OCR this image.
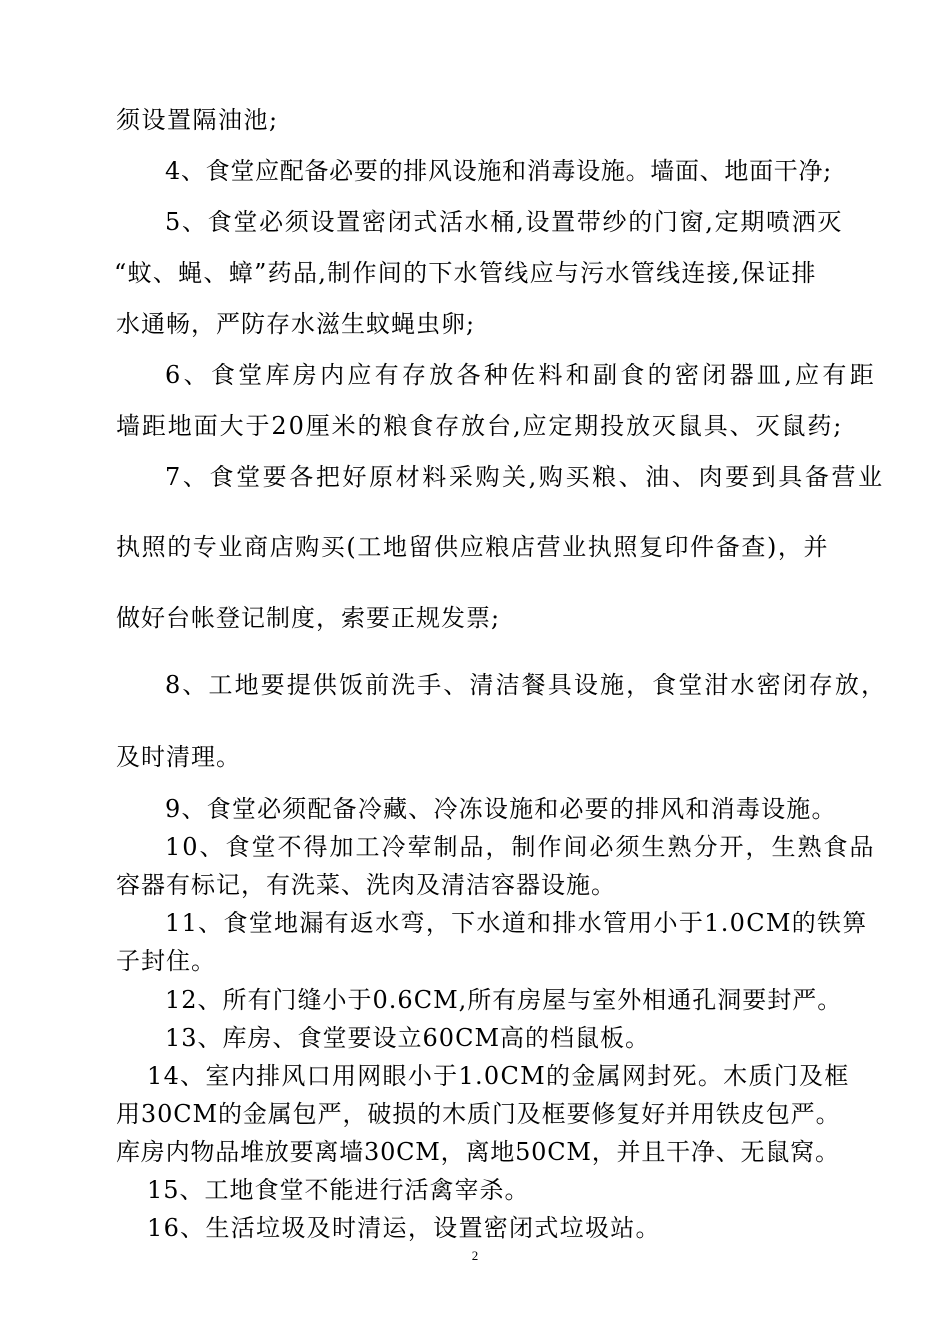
须设置隔油池;
4、食堂应配备必要的排风设施和消毒设施。墙面、地面干净;
5、食堂必须设置密闭式活水桶,设置带纱的门窗,定期喷洒灭
“蚊、蝇、蟑”药品,制作间的下水管线应与污水管线连接,保证排
水通畅，严防存水滋生蚊蝇虫卵;
6、食堂库房内应有存放各种佐料和副食的密闭器皿,应有距
墙距地面大于20厘米的粮食存放台,应定期投放灭鼠具、灭鼠药;
7、食堂要各把好原材料采购关,购买粮、油、肉要到具备营业
执照的专业商店购买(工地留供应粮店营业执照复印件备查)，并
做好台帐登记制度，索要正规发票;
8、工地要提供饭前洗手、清洁餐具设施，食堂泔水密闭存放，
及时清理。
9、食堂必须配备冷藏、冷冻设施和必要的排风和消毒设施。
10、食堂不得加工冷荤制品，制作间必须生熟分开，生熟食品
容器有标记，有洗菜、洗肉及清洁容器设施。
11、食堂地漏有返水弯，下水道和排水管用小于1.0CM的铁箅
子封住。
12、所有门缝小于0.6CM,所有房屋与室外相通孔洞要封严。
13、库房、食堂要设立60CM高的档鼠板。
14、室内排风口用网眼小于1.0CM的金属网封死。木质门及框
用30CM的金属包严，破损的木质门及框要修复好并用铁皮包严。
库房内物品堆放要离墙30CM，离地50CM，并且干净、无鼠窝。
15、工地食堂不能进行活禽宰杀。
16、生活垃圾及时清运，设置密闭式垃圾站。
2
